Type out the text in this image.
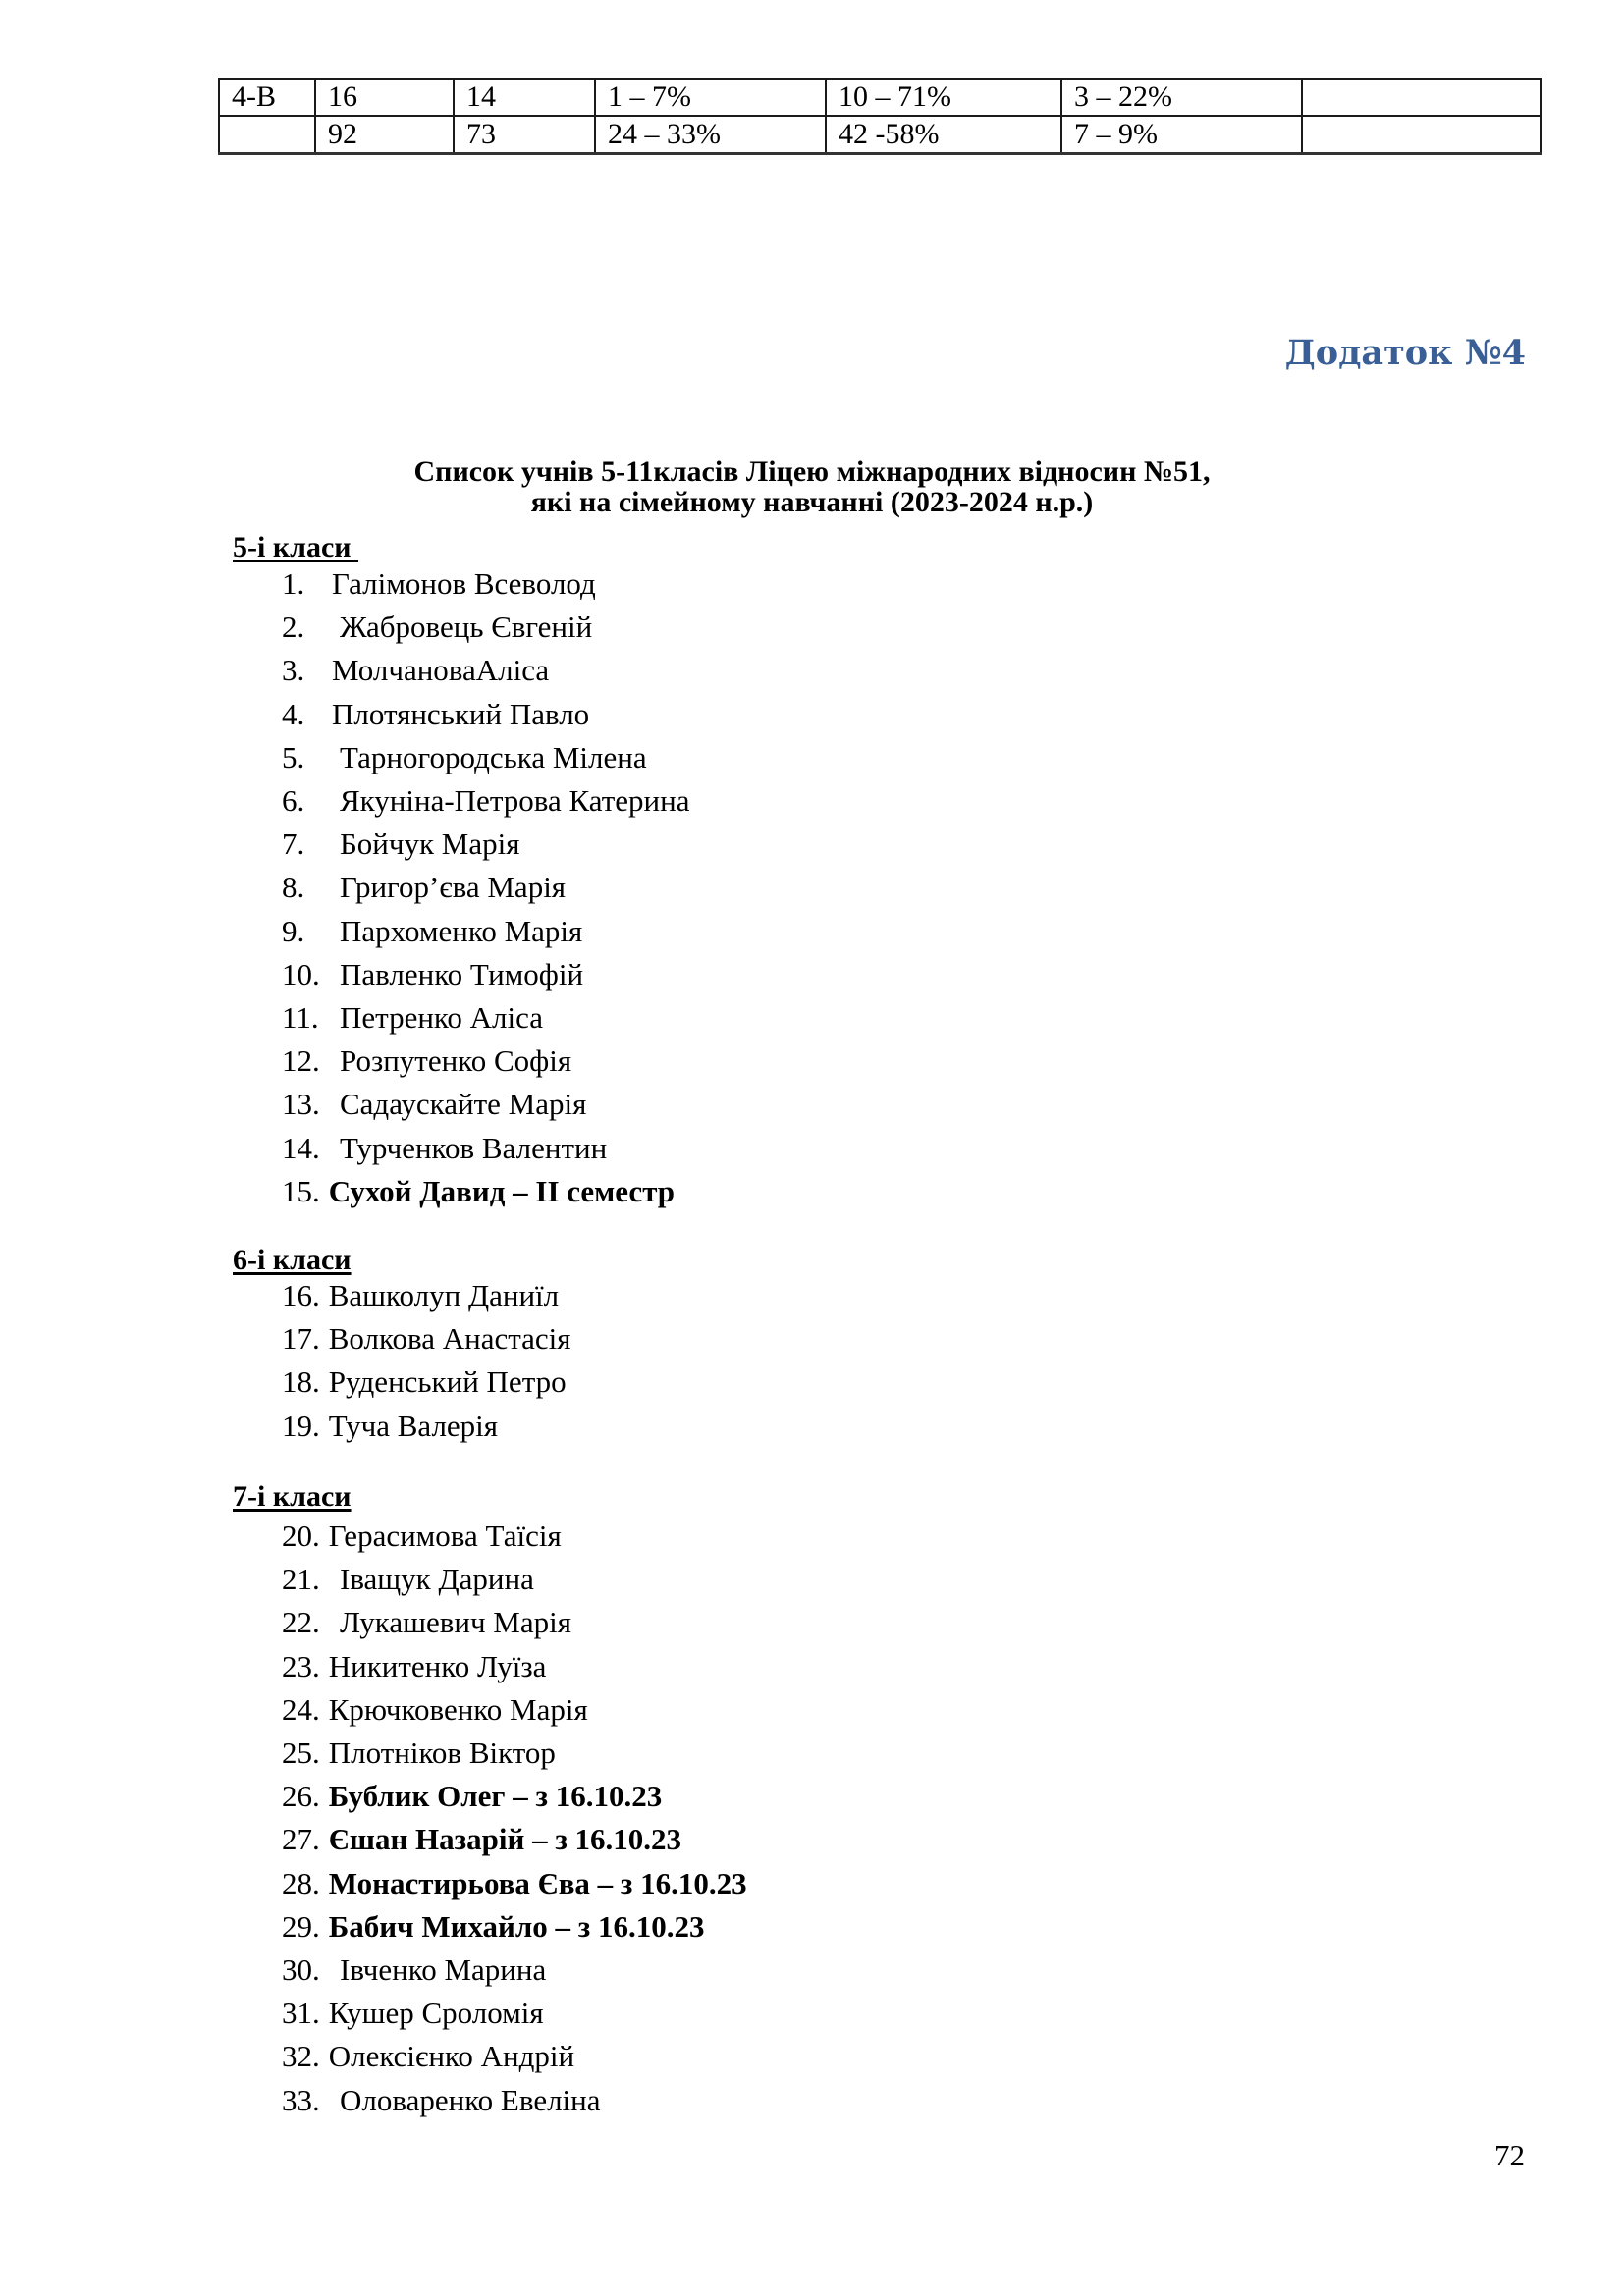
4-В	16	14	1 – 7%	10 – 71%	3 – 22%	
	92	73	24 – 33%	42 -58%	7 – 9%	
Додаток №4
Список учнів 5-11класів Ліцею міжнародних відносин №51,
які на сімейному навчанні (2023-2024 н.р.)
5-і класи
1. Галімонов Всеволод
2. Жабровець Євгеній
3. МолчановаАліса
4. Плотянський Павло
5. Тарногородська Мілена
6. Якуніна-Петрова Катерина
7. Бойчук Марія
8. Григор’єва Марія
9. Пархоменко Марія
10. Павленко Тимофій
11. Петренко Аліса
12. Розпутенко Софія
13. Садаускайте Марія
14. Турченков Валентин
15. Сухой Давид – ІІ семестр
6-і класи
16. Вашколуп Даниїл
17. Волкова Анастасія
18. Руденський Петро
19. Туча Валерія
7-і класи
20. Герасимова Таїсія
21. Іващук Дарина
22. Лукашевич Марія
23. Никитенко Луїза
24. Крючковенко Марія
25. Плотніков Віктор
26. Бублик Олег – з 16.10.23
27. Єшан Назарій – з 16.10.23
28. Монастирьова Єва – з 16.10.23
29. Бабич Михайло – з 16.10.23
30. Івченко Марина
31. Кушер Сроломія
32. Олексієнко Андрій
33. Оловаренко Евеліна
72
